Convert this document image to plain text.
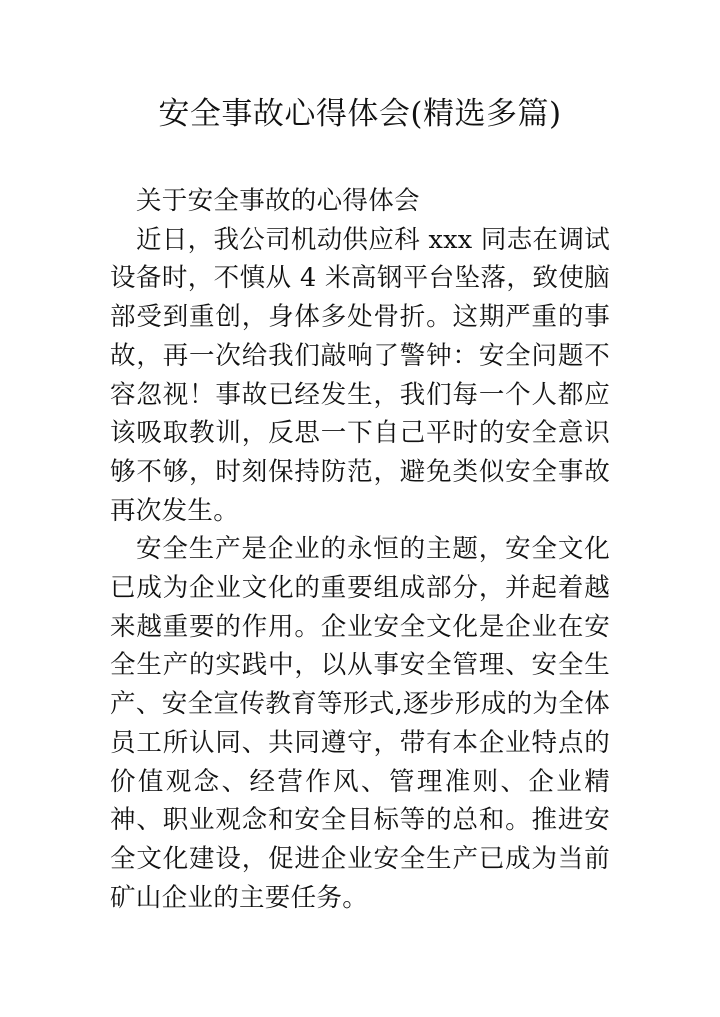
安全事故心得体会(精选多篇)

关于安全事故的心得体会

近日，我公司机动供应科 xxx 同志在调试设备时，不慎从 4 米高钢平台坠落，致使脑部受到重创，身体多处骨折。这期严重的事故，再一次给我们敲响了警钟：安全问题不容忽视！事故已经发生，我们每一个人都应该吸取教训，反思一下自己平时的安全意识够不够，时刻保持防范，避免类似安全事故再次发生。

安全生产是企业的永恒的主题，安全文化已成为企业文化的重要组成部分，并起着越来越重要的作用。企业安全文化是企业在安全生产的实践中，以从事安全管理、安全生产、安全宣传教育等形式,逐步形成的为全体员工所认同、共同遵守，带有本企业特点的价值观念、经营作风、管理准则、企业精神、职业观念和安全目标等的总和。推进安全文化建设，促进企业安全生产已成为当前矿山企业的主要任务。
